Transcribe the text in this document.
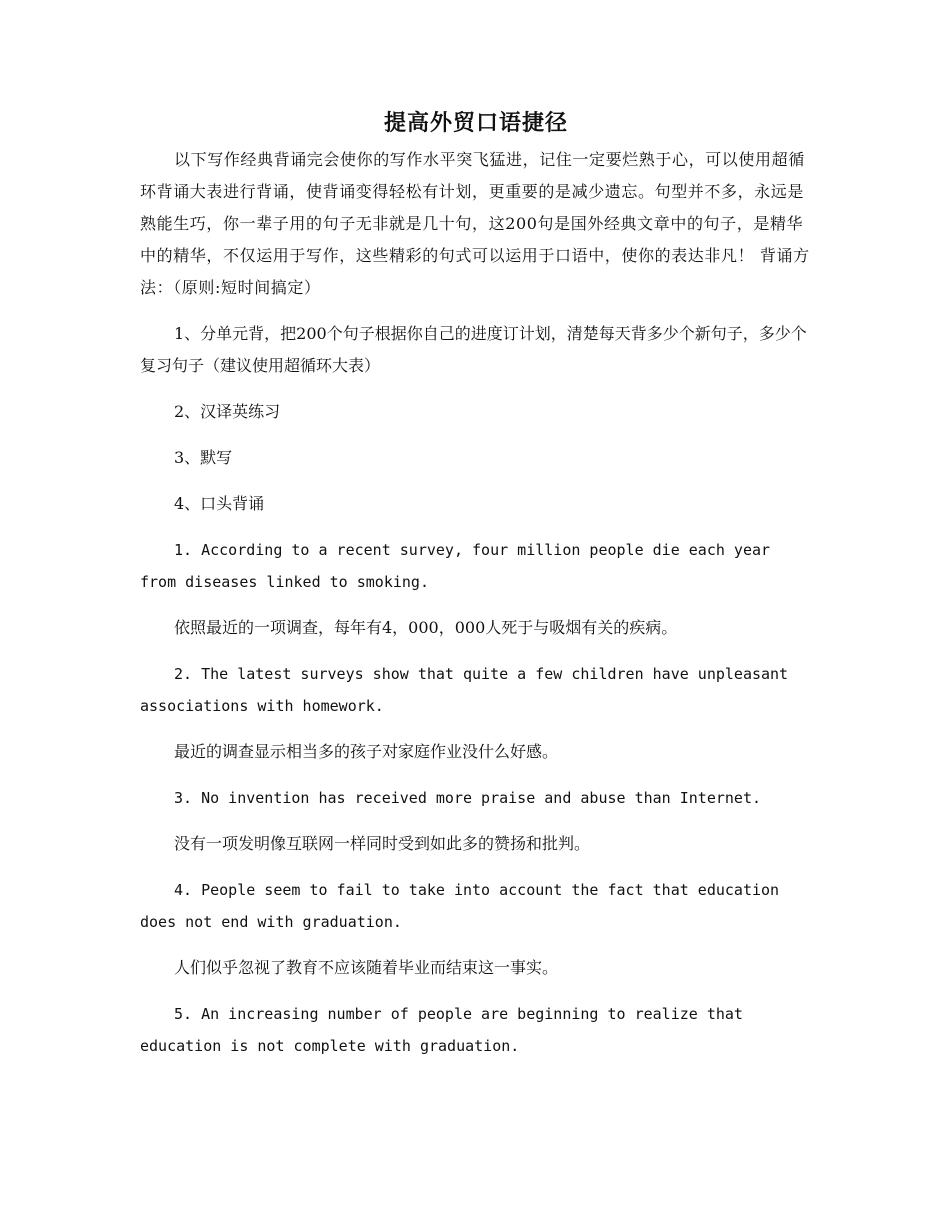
提高外贸口语捷径

以下写作经典背诵完会使你的写作水平突飞猛进，记住一定要烂熟于心，可以使用超循环背诵大表进行背诵，使背诵变得轻松有计划，更重要的是减少遗忘。句型并不多，永远是熟能生巧，你一辈子用的句子无非就是几十句，这200句是国外经典文章中的句子，是精华中的精华，不仅运用于写作，这些精彩的句式可以运用于口语中，使你的表达非凡！ 背诵方法：（原则:短时间搞定）

1、分单元背，把200个句子根据你自己的进度订计划，清楚每天背多少个新句子，多少个复习句子（建议使用超循环大表）

2、汉译英练习

3、默写

4、口头背诵

1. According to a recent survey, four million people die each year from diseases linked to smoking.

依照最近的一项调查，每年有4，000，000人死于与吸烟有关的疾病。

2. The latest surveys show that quite a few children have unpleasant associations with homework.

最近的调查显示相当多的孩子对家庭作业没什么好感。

3. No invention has received more praise and abuse than Internet.

没有一项发明像互联网一样同时受到如此多的赞扬和批判。

4. People seem to fail to take into account the fact that education does not end with graduation.

人们似乎忽视了教育不应该随着毕业而结束这一事实。

5. An increasing number of people are beginning to realize that education is not complete with graduation.
